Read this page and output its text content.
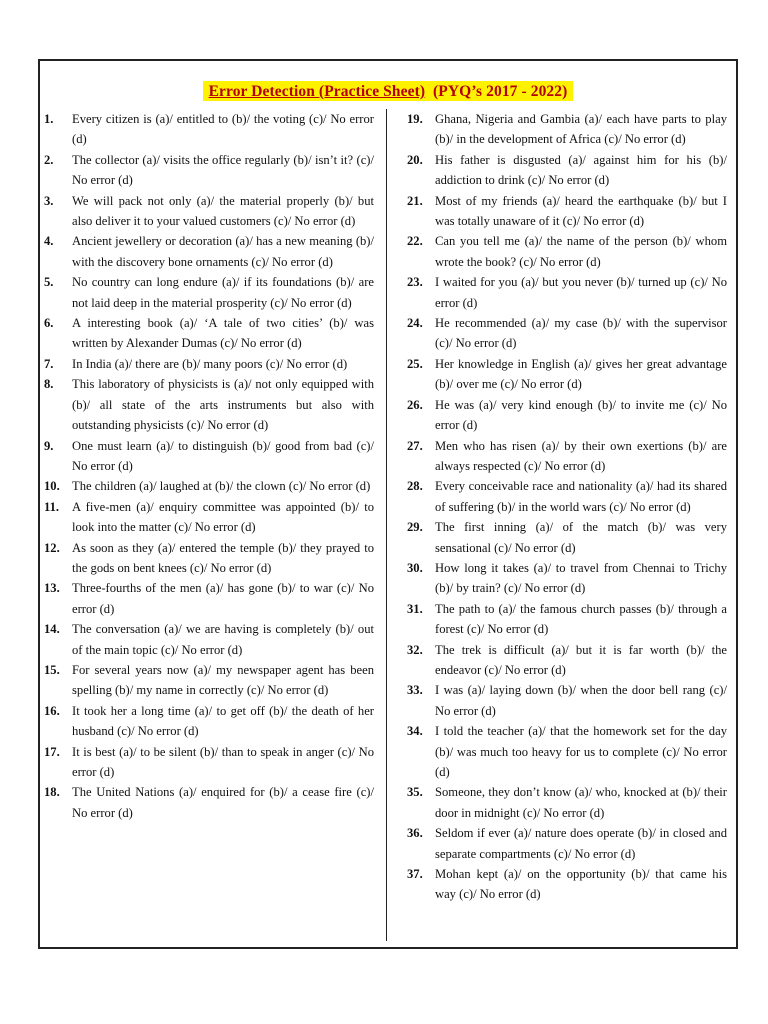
Error Detection (Practice Sheet) (PYQ’s 2017 - 2022)
1.	Every citizen is (a)/ entitled to (b)/ the voting (c)/ No error (d)
2.	The collector (a)/ visits the office regularly (b)/ isn’t it? (c)/ No error (d)
3.	We will pack not only (a)/ the material properly (b)/ but also deliver it to your valued customers (c)/ No error (d)
4.	Ancient jewellery or decoration (a)/ has a new meaning (b)/ with the discovery bone ornaments (c)/ No error (d)
5.	No country can long endure (a)/ if its foundations (b)/ are not laid deep in the material prosperity (c)/ No error (d)
6.	A interesting book (a)/ ‘A tale of two cities’ (b)/ was written by Alexander Dumas (c)/ No error (d)
7.	In India (a)/ there are (b)/ many poors (c)/ No error (d)
8.	This laboratory of physicists is (a)/ not only equipped with (b)/ all state of the arts instruments but also with outstanding physicists (c)/ No error (d)
9.	One must learn (a)/ to distinguish (b)/ good from bad (c)/ No error (d)
10. The children (a)/ laughed at (b)/ the clown (c)/ No error (d)
11.	A five-men (a)/ enquiry committee was appointed (b)/ to look into the matter (c)/ No error (d)
12. As soon as they (a)/ entered the temple (b)/ they prayed to the gods on bent knees (c)/ No error (d)
13. Three-fourths of the men (a)/ has gone (b)/ to war (c)/ No error (d)
14. The conversation (a)/ we are having is completely (b)/ out of the main topic (c)/ No error (d)
15. For several years now (a)/ my newspaper agent has been spelling (b)/ my name in correctly (c)/ No error (d)
16. It took her a long time (a)/ to get off (b)/ the death of her husband (c)/ No error (d)
17. It is best (a)/ to be silent (b)/ than to speak in anger (c)/ No error (d)
18. The United Nations (a)/ enquired for (b)/ a cease fire (c)/ No error (d)
19. Ghana, Nigeria and Gambia (a)/ each have parts to play (b)/ in the development of Africa (c)/ No error (d)
20. His father is disgusted (a)/ against him for his (b)/ addiction to drink (c)/ No error (d)
21. Most of my friends (a)/ heard the earthquake (b)/ but I was totally unaware of it (c)/ No error (d)
22. Can you tell me (a)/ the name of the person (b)/ whom wrote the book? (c)/ No error (d)
23. I waited for you (a)/ but you never (b)/ turned up (c)/ No error (d)
24. He recommended (a)/ my case (b)/ with the supervisor (c)/ No error (d)
25. Her knowledge in English (a)/ gives her great advantage (b)/ over me (c)/ No error (d)
26. He was (a)/ very kind enough (b)/ to invite me (c)/ No error (d)
27. Men who has risen (a)/ by their own exertions (b)/ are always respected (c)/ No error (d)
28. Every conceivable race and nationality (a)/ had its shared of suffering (b)/ in the world wars (c)/ No error (d)
29. The first inning (a)/ of the match (b)/ was very sensational (c)/ No error (d)
30. How long it takes (a)/ to travel from Chennai to Trichy (b)/ by train? (c)/ No error (d)
31. The path to (a)/ the famous church passes (b)/ through a forest (c)/ No error (d)
32. The trek is difficult (a)/ but it is far worth (b)/ the endeavor (c)/ No error (d)
33. I was (a)/ laying down (b)/ when the door bell rang (c)/ No error (d)
34. I told the teacher (a)/ that the homework set for the day (b)/ was much too heavy for us to complete (c)/ No error (d)
35. Someone, they don’t know (a)/ who, knocked at (b)/ their door in midnight (c)/ No error (d)
36. Seldom if ever (a)/ nature does operate (b)/ in closed and separate compartments (c)/ No error (d)
37. Mohan kept (a)/ on the opportunity (b)/ that came his way (c)/ No error (d)
